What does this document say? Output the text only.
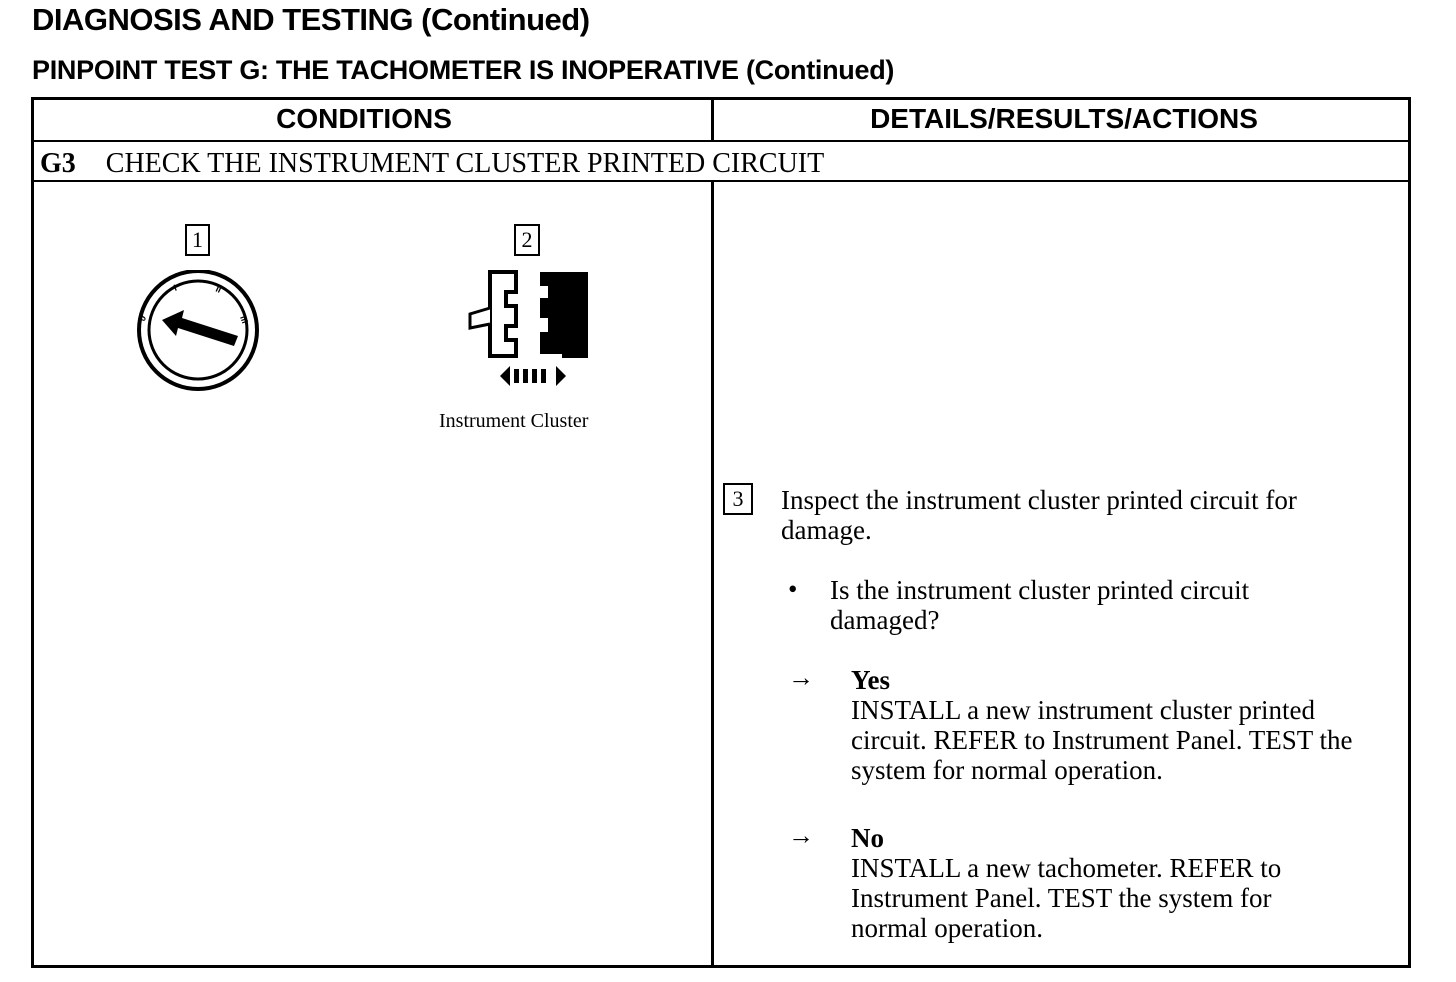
DIAGNOSIS AND TESTING (Continued)
PINPOINT TEST G: THE TACHOMETER IS INOPERATIVE (Continued)
CONDITIONS	DETAILS/RESULTS/ACTIONS
G3 CHECK THE INSTRUMENT CLUSTER PRINTED CIRCUIT
1
0
I	II
III
2
Instrument Cluster
3	Inspect the instrument cluster printed circuit for damage.
• Is the instrument cluster printed circuit damaged?
→ Yes
INSTALL a new instrument cluster printed circuit. REFER to Instrument Panel. TEST the system for normal operation.
→ No
INSTALL a new tachometer. REFER to Instrument Panel. TEST the system for normal operation.
